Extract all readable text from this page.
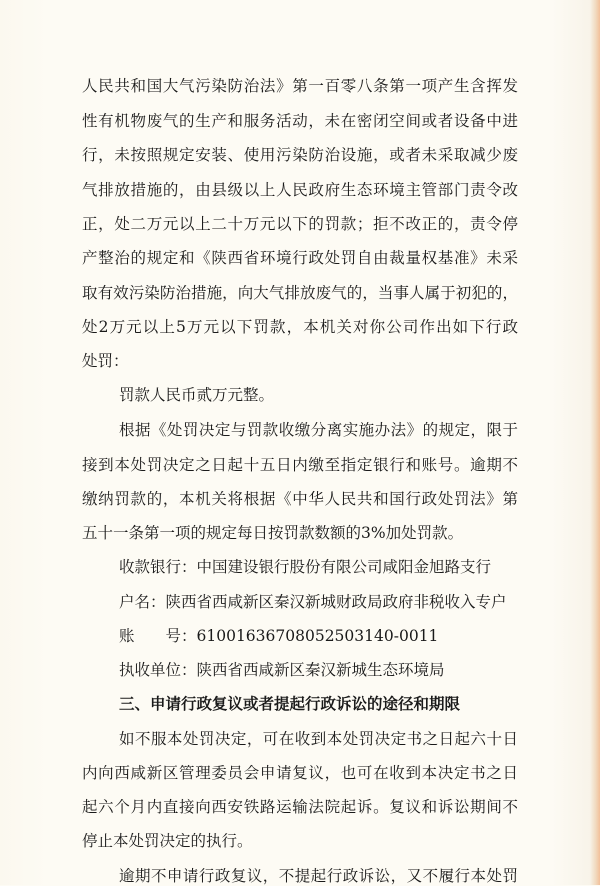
人民共和国大气污染防治法》第一百零八条第一项产生含挥发
性有机物废气的生产和服务活动，未在密闭空间或者设备中进
行，未按照规定安装、使用污染防治设施，或者未采取减少废
气排放措施的，由县级以上人民政府生态环境主管部门责令改
正，处二万元以上二十万元以下的罚款；拒不改正的，责令停
产整治的规定和《陕西省环境行政处罚自由裁量权基准》未采
取有效污染防治措施，向大气排放废气的，当事人属于初犯的，
处2万元以上5万元以下罚款，本机关对你公司作出如下行政
处罚：
罚款人民币贰万元整。
根据《处罚决定与罚款收缴分离实施办法》的规定，限于
接到本处罚决定之日起十五日内缴至指定银行和账号。逾期不
缴纳罚款的，本机关将根据《中华人民共和国行政处罚法》第
五十一条第一项的规定每日按罚款数额的3%加处罚款。
收款银行：中国建设银行股份有限公司咸阳金旭路支行
户名：陕西省西咸新区秦汉新城财政局政府非税收入专户
账　　号：6100163670805250314​0-0011
执收单位：陕西省西咸新区秦汉新城生态环境局
三、申请行政复议或者提起行政诉讼的途径和期限
如不服本处罚决定，可在收到本处罚决定书之日起六十日
内向西咸新区管理委员会申请复议，也可在收到本决定书之日
起六个月内直接向西安铁路运输法院起诉。复议和诉讼期间不
停止本处罚决定的执行。
逾期不申请行政复议，不提起行政诉讼，又不履行本处罚
